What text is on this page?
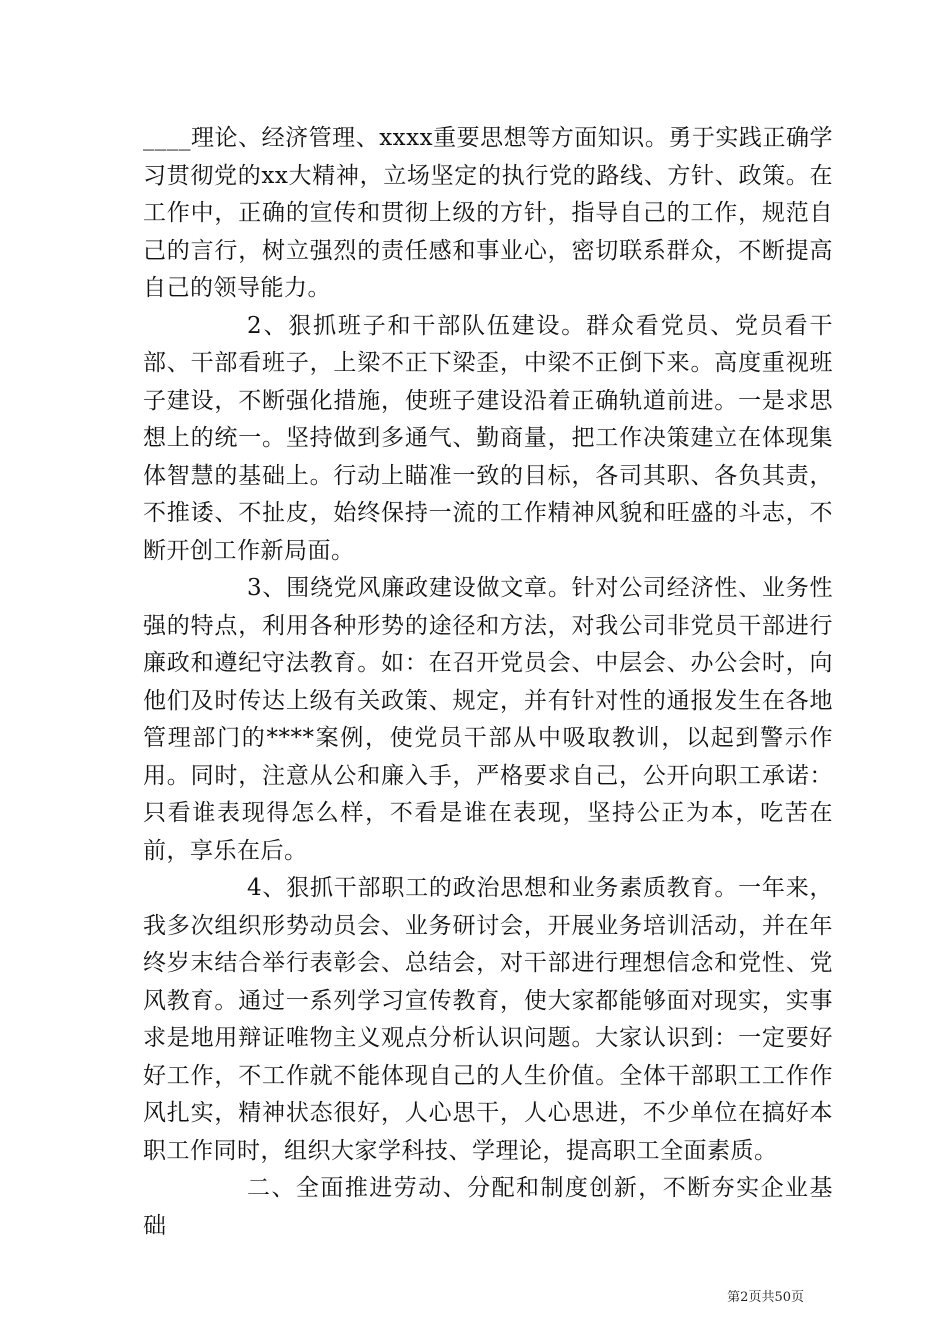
____理论、经济管理、xxxx重要思想等方面知识。勇于实践正确学习贯彻党的xx大精神，立场坚定的执行党的路线、方针、政策。在工作中，正确的宣传和贯彻上级的方针，指导自己的工作，规范自己的言行，树立强烈的责任感和事业心，密切联系群众，不断提高自己的领导能力。

2、狠抓班子和干部队伍建设。群众看党员、党员看干部、干部看班子，上梁不正下梁歪，中梁不正倒下来。高度重视班子建设，不断强化措施，使班子建设沿着正确轨道前进。一是求思想上的统一。坚持做到多通气、勤商量，把工作决策建立在体现集体智慧的基础上。行动上瞄准一致的目标，各司其职、各负其责，不推诿、不扯皮，始终保持一流的工作精神风貌和旺盛的斗志，不断开创工作新局面。

3、围绕党风廉政建设做文章。针对公司经济性、业务性强的特点，利用各种形势的途径和方法，对我公司非党员干部进行廉政和遵纪守法教育。如：在召开党员会、中层会、办公会时，向他们及时传达上级有关政策、规定，并有针对性的通报发生在各地管理部门的****案例，使党员干部从中吸取教训，以起到警示作用。同时，注意从公和廉入手，严格要求自己，公开向职工承诺：只看谁表现得怎么样，不看是谁在表现，坚持公正为本，吃苦在前，享乐在后。

4、狠抓干部职工的政治思想和业务素质教育。一年来，我多次组织形势动员会、业务研讨会，开展业务培训活动，并在年终岁末结合举行表彰会、总结会，对干部进行理想信念和党性、党风教育。通过一系列学习宣传教育，使大家都能够面对现实，实事求是地用辩证唯物主义观点分析认识问题。大家认识到：一定要好好工作，不工作就不能体现自己的人生价值。全体干部职工工作作风扎实，精神状态很好，人心思干，人心思进，不少单位在搞好本职工作同时，组织大家学科技、学理论，提高职工全面素质。

二、全面推进劳动、分配和制度创新，不断夯实企业基础

第2页共50页
